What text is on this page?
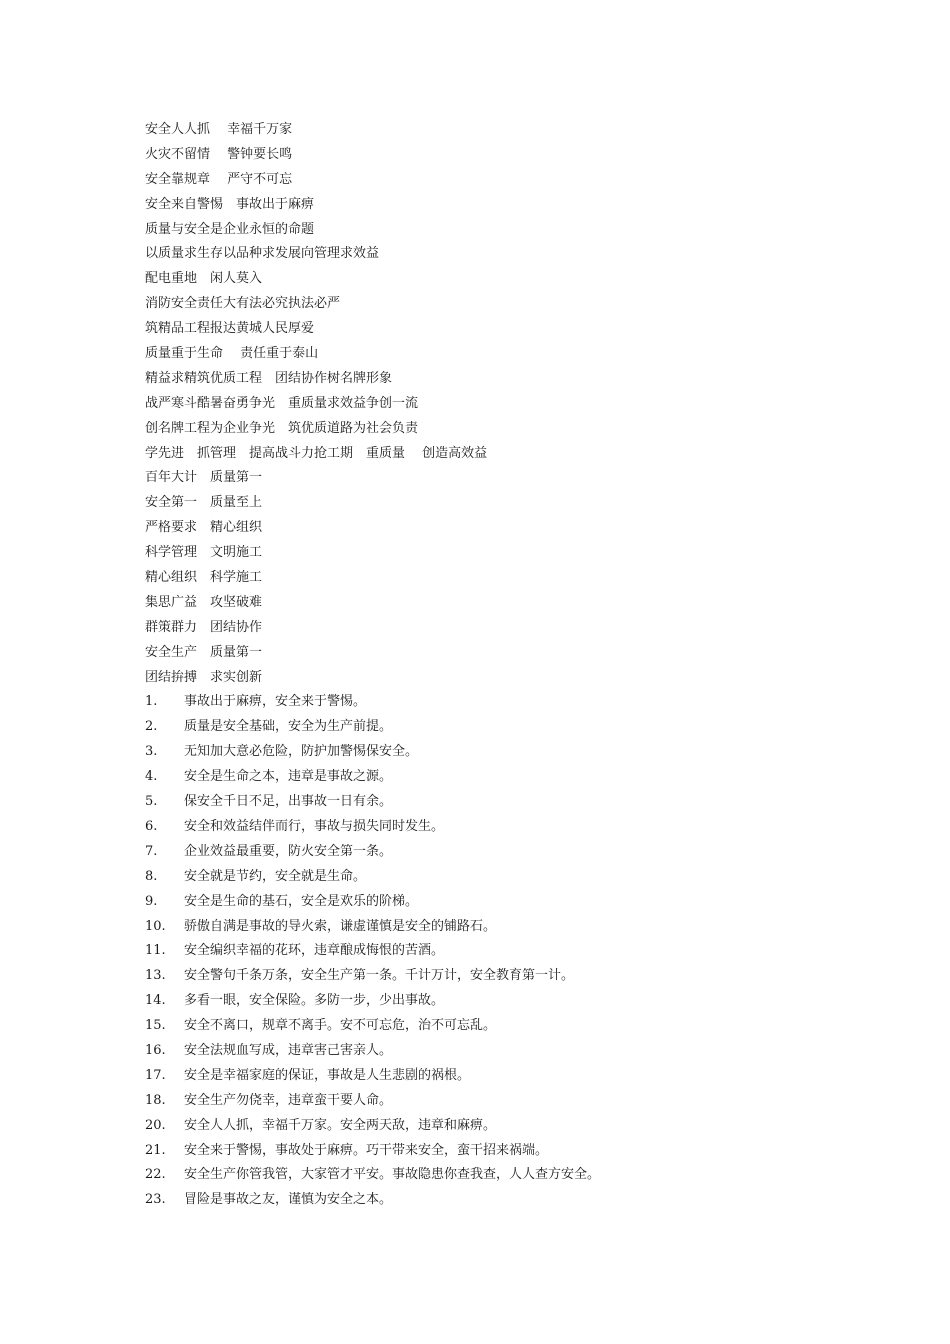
安全人人抓　 幸福千万家
火灾不留情　 警钟要长鸣
安全靠规章　 严守不可忘
安全来自警惕　事故出于麻痹
质量与安全是企业永恒的命题
以质量求生存以品种求发展向管理求效益
配电重地　闲人莫入
消防安全责任大有法必究执法必严
筑精品工程报达黄城人民厚爱
质量重于生命　 责任重于泰山
精益求精筑优质工程　团结协作树名牌形象
战严寒斗酷暑奋勇争光　重质量求效益争创一流
创名牌工程为企业争光　筑优质道路为社会负责
学先进　抓管理　提高战斗力抢工期　重质量　 创造高效益
百年大计　质量第一
安全第一　质量至上
严格要求　精心组织
科学管理　文明施工
精心组织　科学施工
集思广益　攻坚破难
群策群力　团结协作
安全生产　质量第一
团结拚搏　求实创新
1.	事故出于麻痹，安全来于警惕。
2.	质量是安全基础，安全为生产前提。
3.	无知加大意必危险，防护加警惕保安全。
4.	安全是生命之本，违章是事故之源。
5.	保安全千日不足，出事故一日有余。
6.	安全和效益结伴而行，事故与损失同时发生。
7.	企业效益最重要，防火安全第一条。
8.	安全就是节约，安全就是生命。
9.	安全是生命的基石，安全是欢乐的阶梯。
10.	骄傲自满是事故的导火索，谦虚谨慎是安全的铺路石。
11.	安全编织幸福的花环，违章酿成悔恨的苦酒。
13.	安全警句千条万条，安全生产第一条。千计万计，安全教育第一计。
14.	多看一眼，安全保险。多防一步，少出事故。
15.	安全不离口，规章不离手。安不可忘危，治不可忘乱。
16.	安全法规血写成，违章害己害亲人。
17.	安全是幸福家庭的保证，事故是人生悲剧的祸根。
18.	安全生产勿侥幸，违章蛮干要人命。
20.	安全人人抓，幸福千万家。安全两天敌，违章和麻痹。
21.	安全来于警惕，事故处于麻痹。巧干带来安全，蛮干招来祸端。
22.	安全生产你管我管，大家管才平安。事故隐患你查我查，人人查方安全。
23.	冒险是事故之友，谨慎为安全之本。
